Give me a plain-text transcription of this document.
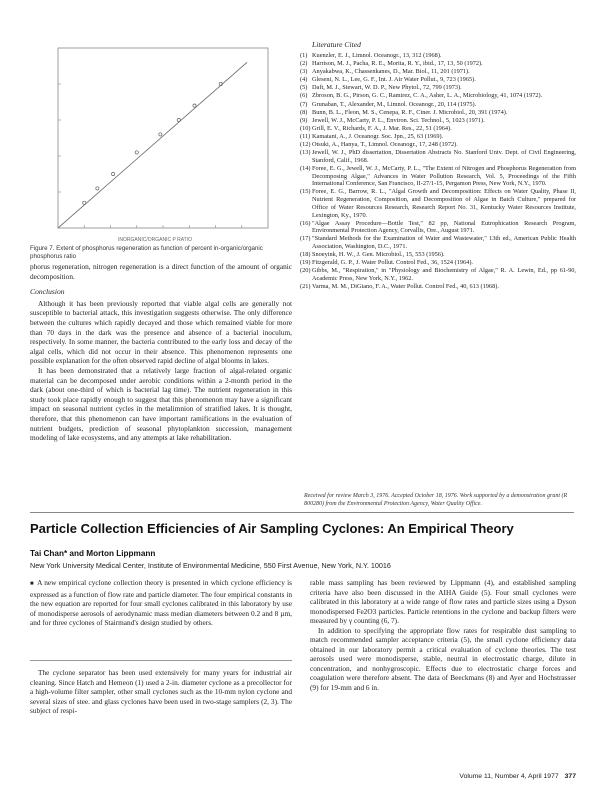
INORGANIC/ORGANIC P RATIO
Figure 7. Extent of phosphorus regeneration as function of percent in-organic/organic phosphorus ratio

phorus regeneration, nitrogen regeneration is a direct function of the amount of organic decomposition.

Conclusion

Although it has been previously reported that viable algal cells are generally not susceptible to bacterial attack, this investigation suggests otherwise. The only difference between the cultures which rapidly decayed and those which remained viable for more than 70 days in the dark was the presence and absence of a bacterial inoculum, respectively. In some manner, the bacteria contributed to the early loss and decay of the algal cells, which did not occur in their absence. This phenomenon represents one possible explanation for the often observed rapid decline of algal blooms in lakes.

It has been demonstrated that a relatively large fraction of algal-related organic material can be decomposed under aerobic conditions within a 2-month period in the dark (about one-third of which is bacterial lag time). The nutrient regeneration in this study took place rapidly enough to suggest that this phenomenon may have a significant impact on seasonal nutrient cycles in the metalimnion of stratified lakes. It is thought, therefore, that this phenomenon can have important ramifications in the evaluation of nutrient budgets, prediction of seasonal phytoplankton succession, management modeling of lake ecosystems, and any attempts at lake rehabilitation.

Literature Cited
(1) Kuenzler, E. J., Limnol. Oceanogr., 13, 312 (1968).
(2) Harrison, M. J., Pacha, R. E., Morita, R. Y., ibid., 17, 13, 50 (1972).
(3) Anyakabwa, K., Chassenkanes, D., Mar. Biol., 11, 201 (1971).
(4) Gleseni, N. L., Lee, G. F., Int. J. Air Water Pollut., 9, 723 (1965).
(5) Daft, M. J., Stewart, W. D. P., New Phytol., 72, 799 (1973).
(6) Zbroson, B. G., Pirson, G. C., Ramirez, C. A., Asher, L. A., Microbiology, 41, 1074 (1972).
(7) Grunaban, T., Alexander, M., Limnol. Oceanogr., 20, 114 (1975).
(8) Bunn, B. L., Fleon, M. S., Cenepa, R. F., Ciner. J. Microbiol., 20, 391 (1974).
(9) Jewell, W. J., McCarty, P. L., Environ. Sci. Technol., 5, 1023 (1971).
(10) Grill, E. V., Richards, F. A., J. Mar. Res., 22, 51 (1964).
(11) Kamatani, A., J. Oceanogr. Soc. Jpn., 25, 63 (1969).
(12) Otsuki, A., Hanya, T., Limnol. Oceanogr., 17, 248 (1972).
(13) Jewell, W. J., PhD dissertation, Dissertation Abstracts No. Stanford Univ. Dept. of Civil Engineering, Stanford, Calif., 1968.
(14) Foree, E. G., Jewell, W. J., McCarty, P. L., "The Extent of Nitrogen and Phosphorus Regeneration from Decomposing Algae," Advances in Water Pollution Research, Vol. 5, Proceedings of the Fifth International Conference, San Francisco, II-27/1-15, Pergamon Press, New York, N.Y., 1970.
(15) Foree, E. G., Barrow, R. L., "Algal Growth and Decomposition: Effects on Water Quality, Phase II, Nutrient Regeneration, Composition, and Decomposition of Algae in Batch Culture," prepared for Office of Water Resources Research, Research Report No. 31, Kentucky Water Resources Institute, Lexington, Ky., 1970.
(16) "Algae Assay Procedure—Bottle Test," 82 pp, National Eutrophication Research Program, Environmental Protection Agency, Corvallis, Ore., August 1971.
(17) "Standard Methods for the Examination of Water and Wastewater," 13th ed., American Public Health Association, Washington, D.C., 1971.
(18) Snoeyink, H. W., J. Gen. Microbiol., 15, 553 (1956).
(19) Fitzgerald, G. P., J. Water Pollut. Control Fed., 36, 1524 (1964).
(20) Gibbs, M., "Respiration," in "Physiology and Biochemistry of Algae," R. A. Lewin, Ed., pp 61-90, Academic Press, New York, N.Y., 1962.
(21) Varma, M. M., DiGiano, F. A., Water Pollut. Control Fed., 40, 613 (1968).
Received for review March 3, 1976. Accepted October 18, 1976. Work supported by a demonstration grant (R 800280) from the Environmental Protection Agency, Water Quality Office.
Particle Collection Efficiencies of Air Sampling Cyclones: An Empirical Theory
Tai Chan* and Morton Lippmann
New York University Medical Center, Institute of Environmental Medicine, 550 First Avenue, New York, N.Y. 10016
■ A new empirical cyclone collection theory is presented in which cyclone efficiency is expressed as a function of flow rate and particle diameter. The four empirical constants in the new equation are reported for four small cyclones calibrated in this laboratory by use of monodisperse aerosols of aerodynamic mass median diameters between 0.2 and 8 µm, and for three cyclones of Stairmand's design studied by others.

The cyclone separator has been used extensively for many years for industrial air cleaning. Since Hatch and Hemeon (1) used a 2-in. diameter cyclone as a precollector for a high-volume filter sampler, other small cyclones such as the 10-mm nylon cyclone and several sizes of stee. and glass cyclones have been used in two-stage samplers (2, 3). The subject of respi-

rable mass sampling has been reviewed by Lippmann (4), and established sampling criteria have also been discussed in the AIHA Guide (5). Four small cyclones were calibrated in this laboratory at a wide range of flow rates and particle sizes using a Dyson monodispersed Fe2O3 particles. Particle retentions in the cyclone and backup filters were measured by γ counting (6, 7).

In addition to specifying the appropriate flow rates for respirable dust sampling to match recommended sampler acceptance criteria (5), the small cyclone efficiency data obtained in our laboratory permit a critical evaluation of cyclone theories. The test aerosols used were monodisperse, stable, neutral in electrostatic charge, dilute in concentration, and nonhygroscopic. Effects due to electrostatic charge forces and coagulation were therefore absent. The data of Beeckmans (8) and Ayer and Hochstrasser (9) for 19-mm and 6 in.

Volume 11, Number 4, April 1977 377
